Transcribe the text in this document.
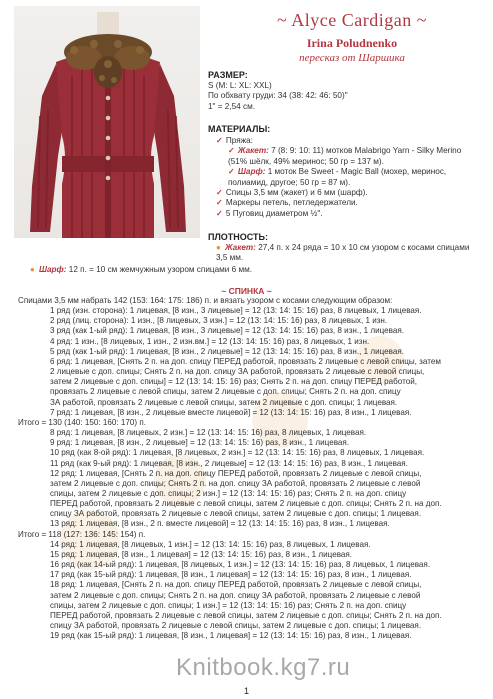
~ Alyce Cardigan ~
Irina Poludnenko
пересказ от Шаршика
РАЗМЕР:
S (M: L: XL: XXL)
По обхвату груди: 34 (38: 42: 46: 50)"
1" = 2,54 см.
МАТЕРИАЛЫ:
✓ Пряжа:
✓ Жакет: 7 (8: 9: 10: 11) мотков Malabrigo Yarn - Silky Merino (51% шёлк, 49% меринос; 50 гр = 137 м).
✓ Шарф: 1 моток Be Sweet - Magic Ball (мохер, меринос, полиамид, другое; 50 гр = 87 м).
✓ Спицы 3,5 мм (жакет) и 6 мм (шарф).
✓ Маркеры петель, петледержатели.
✓ 5 Пуговиц диаметром ½".
ПЛОТНОСТЬ:
● Жакет: 27,4 п. x 24 ряда = 10 x 10 см узором с косами спицами 3,5 мм.
● Шарф: 12 п. = 10 см жемчужным узором спицами 6 мм.
~ СПИНКА ~
Спицами 3,5 мм набрать 142 (153: 164: 175: 186) п. и вязать узором с косами следующим образом:
1 ряд (изн. сторона): 1 лицевая, [8 изн., 3 лицевые] = 12 (13: 14: 15: 16) раз, 8 лицевых, 1 лицевая.
2 ряд (лиц. сторона): 1 изн., [8 лицевых, 3 изн.] = 12 (13: 14: 15: 16) раз, 8 лицевых, 1 изн.
3 ряд (как 1-ый ряд): 1 лицевая, [8 изн., 3 лицевые] = 12 (13: 14: 15: 16) раз, 8 изн., 1 лицевая.
4 ряд: 1 изн., [8 лицевых, 1 изн., 2 изн.вм.] = 12 (13: 14: 15: 16) раз, 8 лицевых, 1 изн.
5 ряд (как 1-ый ряд): 1 лицевая, [8 изн., 2 лицевые] = 12 (13: 14: 15: 16) раз, 8 изн., 1 лицевая.
6 ряд: 1 лицевая, [Снять 2 п. на доп. спицу ПЕРЕД работой, провязать 2 лицевые с левой спицы, затем
2 лицевые с доп. спицы; Снять 2 п. на доп. спицу ЗА работой, провязать 2 лицевые с левой спицы,
затем 2 лицевые с доп. спицы] = 12 (13: 14: 15: 16) раз; Снять 2 п. на доп. спицу ПЕРЕД работой,
провязать 2 лицевые с левой спицы, затем 2 лицевые с доп. спицы; Снять 2 п. на доп. спицу
ЗА работой, провязать 2 лицевые с левой спицы, затем 2 лицевые с доп. спицы; 1 лицевая.
7 ряд: 1 лицевая, [8 изн., 2 лицевые вместе лицевой] = 12 (13: 14: 15: 16) раз, 8 изн., 1 лицевая.
Итого = 130 (140: 150: 160: 170) п.
8 ряд: 1 лицевая, [8 лицевых, 2 изн.] = 12 (13: 14: 15: 16) раз, 8 лицевых, 1 лицевая.
9 ряд: 1 лицевая, [8 изн., 2 лицевые] = 12 (13: 14: 15: 16) раз, 8 изн., 1 лицевая.
10 ряд (как 8-ой ряд): 1 лицевая, [8 лицевых, 2 изн.] = 12 (13: 14: 15: 16) раз, 8 лицевых, 1 лицевая.
11 ряд (как 9-ый ряд): 1 лицевая, [8 изн., 2 лицевые] = 12 (13: 14: 15: 16) раз, 8 изн., 1 лицевая.
12 ряд: 1 лицевая, [Снять 2 п. на доп. спицу ПЕРЕД работой, провязать 2 лицевые с левой спицы,
затем 2 лицевые с доп. спицы; Снять 2 п. на доп. спицу ЗА работой, провязать 2 лицевые с левой
спицы, затем 2 лицевые с доп. спицы; 2 изн.] = 12 (13: 14: 15: 16) раз; Снять 2 п. на доп. спицу
ПЕРЕД работой, провязать 2 лицевые с левой спицы, затем 2 лицевые с доп. спицы; Снять 2 п. на доп.
спицу ЗА работой, провязать 2 лицевые с левой спицы, затем 2 лицевые с доп. спицы; 1 лицевая.
13 ряд: 1 лицевая, [8 изн., 2 п. вместе лицевой] = 12 (13: 14: 15: 16) раз, 8 изн., 1 лицевая.
Итого = 118 (127: 136: 145: 154) п.
14 ряд: 1 лицевая, [8 лицевых, 1 изн.] = 12 (13: 14: 15: 16) раз, 8 лицевых, 1 лицевая.
15 ряд: 1 лицевая, [8 изн., 1 лицевая] = 12 (13: 14: 15: 16) раз, 8 изн., 1 лицевая.
16 ряд (как 14-ый ряд): 1 лицевая, [8 лицевых, 1 изн.] = 12 (13: 14: 15: 16) раз, 8 лицевых, 1 лицевая.
17 ряд (как 15-ый ряд): 1 лицевая, [8 изн., 1 лицевая] = 12 (13: 14: 15: 16) раз, 8 изн., 1 лицевая.
18 ряд: 1 лицевая, [Снять 2 п. на доп. спицу ПЕРЕД работой, провязать 2 лицевые с левой спицы,
затем 2 лицевые с доп. спицы; Снять 2 п. на доп. спицу ЗА работой, провязать 2 лицевые с левой
спицы, затем 2 лицевые с доп. спицы; 1 изн.] = 12 (13: 14: 15: 16) раз; Снять 2 п. на доп. спицу
ПЕРЕД работой, провязать 2 лицевые с левой спицы, затем 2 лицевые с доп. спицы; Снять 2 п. на доп.
спицу ЗА работой, провязать 2 лицевые с левой спицы, затем 2 лицевые с доп. спицы; 1 лицевая.
19 ряд (как 15-ый ряд): 1 лицевая, [8 изн., 1 лицевая] = 12 (13: 14: 15: 16) раз, 8 изн., 1 лицевая.
Knitbook.kg7.ru
1
